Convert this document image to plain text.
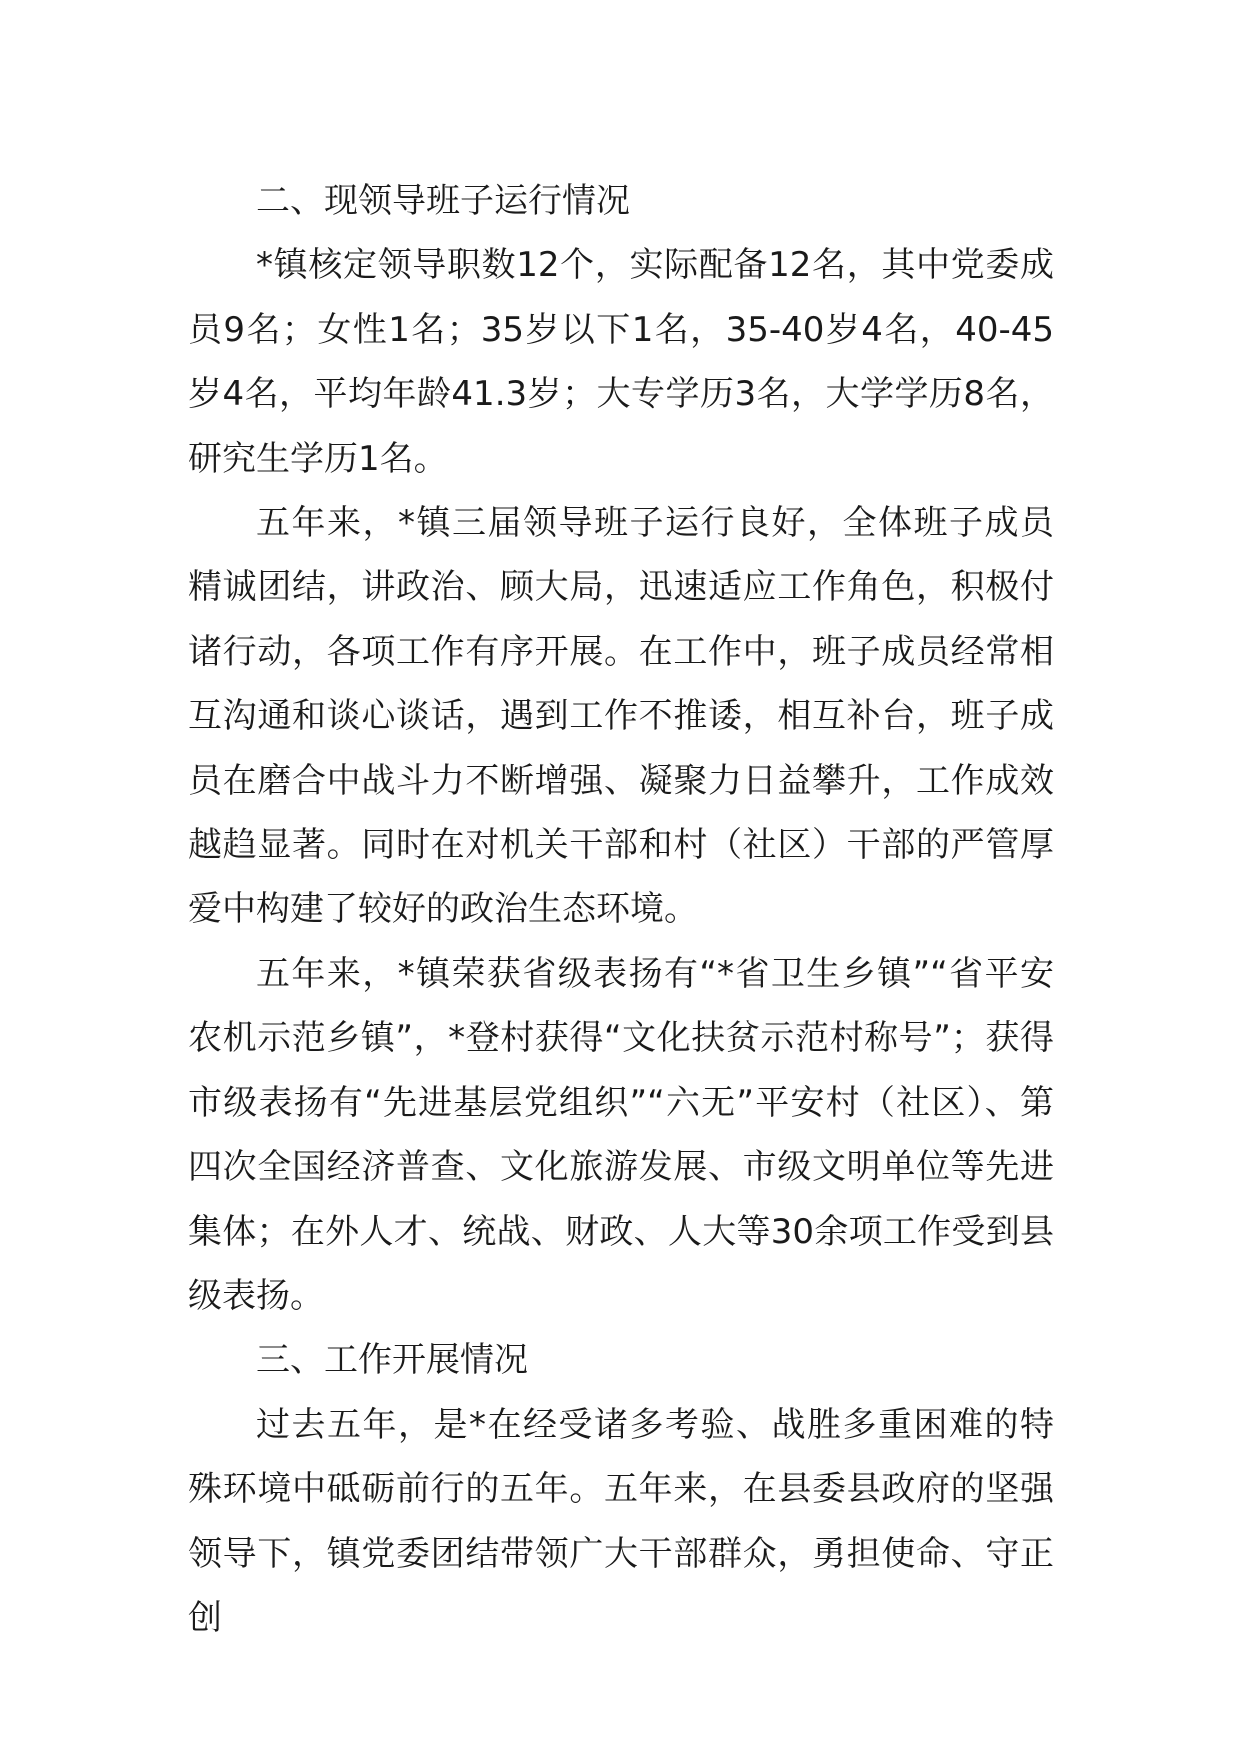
二、现领导班子运行情况

*镇核定领导职数12个，实际配备12名，其中党委成员9名；女性1名；35岁以下1名，35-40岁4名，40-45岁4名，平均年龄41.3岁；大专学历3名，大学学历8名，研究生学历1名。

五年来，*镇三届领导班子运行良好，全体班子成员精诚团结，讲政治、顾大局，迅速适应工作角色，积极付诸行动，各项工作有序开展。在工作中，班子成员经常相互沟通和谈心谈话，遇到工作不推诿，相互补台，班子成员在磨合中战斗力不断增强、凝聚力日益攀升，工作成效越趋显著。同时在对机关干部和村（社区）干部的严管厚爱中构建了较好的政治生态环境。

五年来，*镇荣获省级表扬有“*省卫生乡镇”“省平安农机示范乡镇”，*登村获得“文化扶贫示范村称号”；获得市级表扬有“先进基层党组织”“六无”平安村（社区）、第四次全国经济普查、文化旅游发展、市级文明单位等先进集体；在外人才、统战、财政、人大等30余项工作受到县级表扬。

三、工作开展情况

过去五年，是*在经受诸多考验、战胜多重困难的特殊环境中砥砺前行的五年。五年来，在县委县政府的坚强领导下，镇党委团结带领广大干部群众，勇担使命、守正创
